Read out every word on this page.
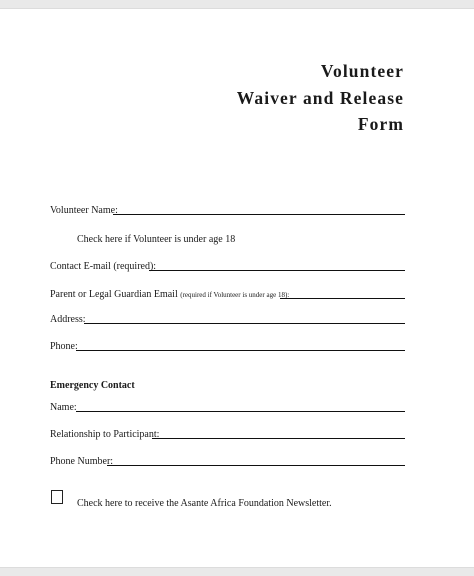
Volunteer
Waiver and Release
Form
Volunteer Name:
Check here if Volunteer is under age 18
Contact E-mail (required):
Parent or Legal Guardian Email (required if Volunteer is under age 18):
Address:
Phone:
Emergency Contact
Name:
Relationship to Participant:
Phone Number:
Check here to receive the Asante Africa Foundation Newsletter.
